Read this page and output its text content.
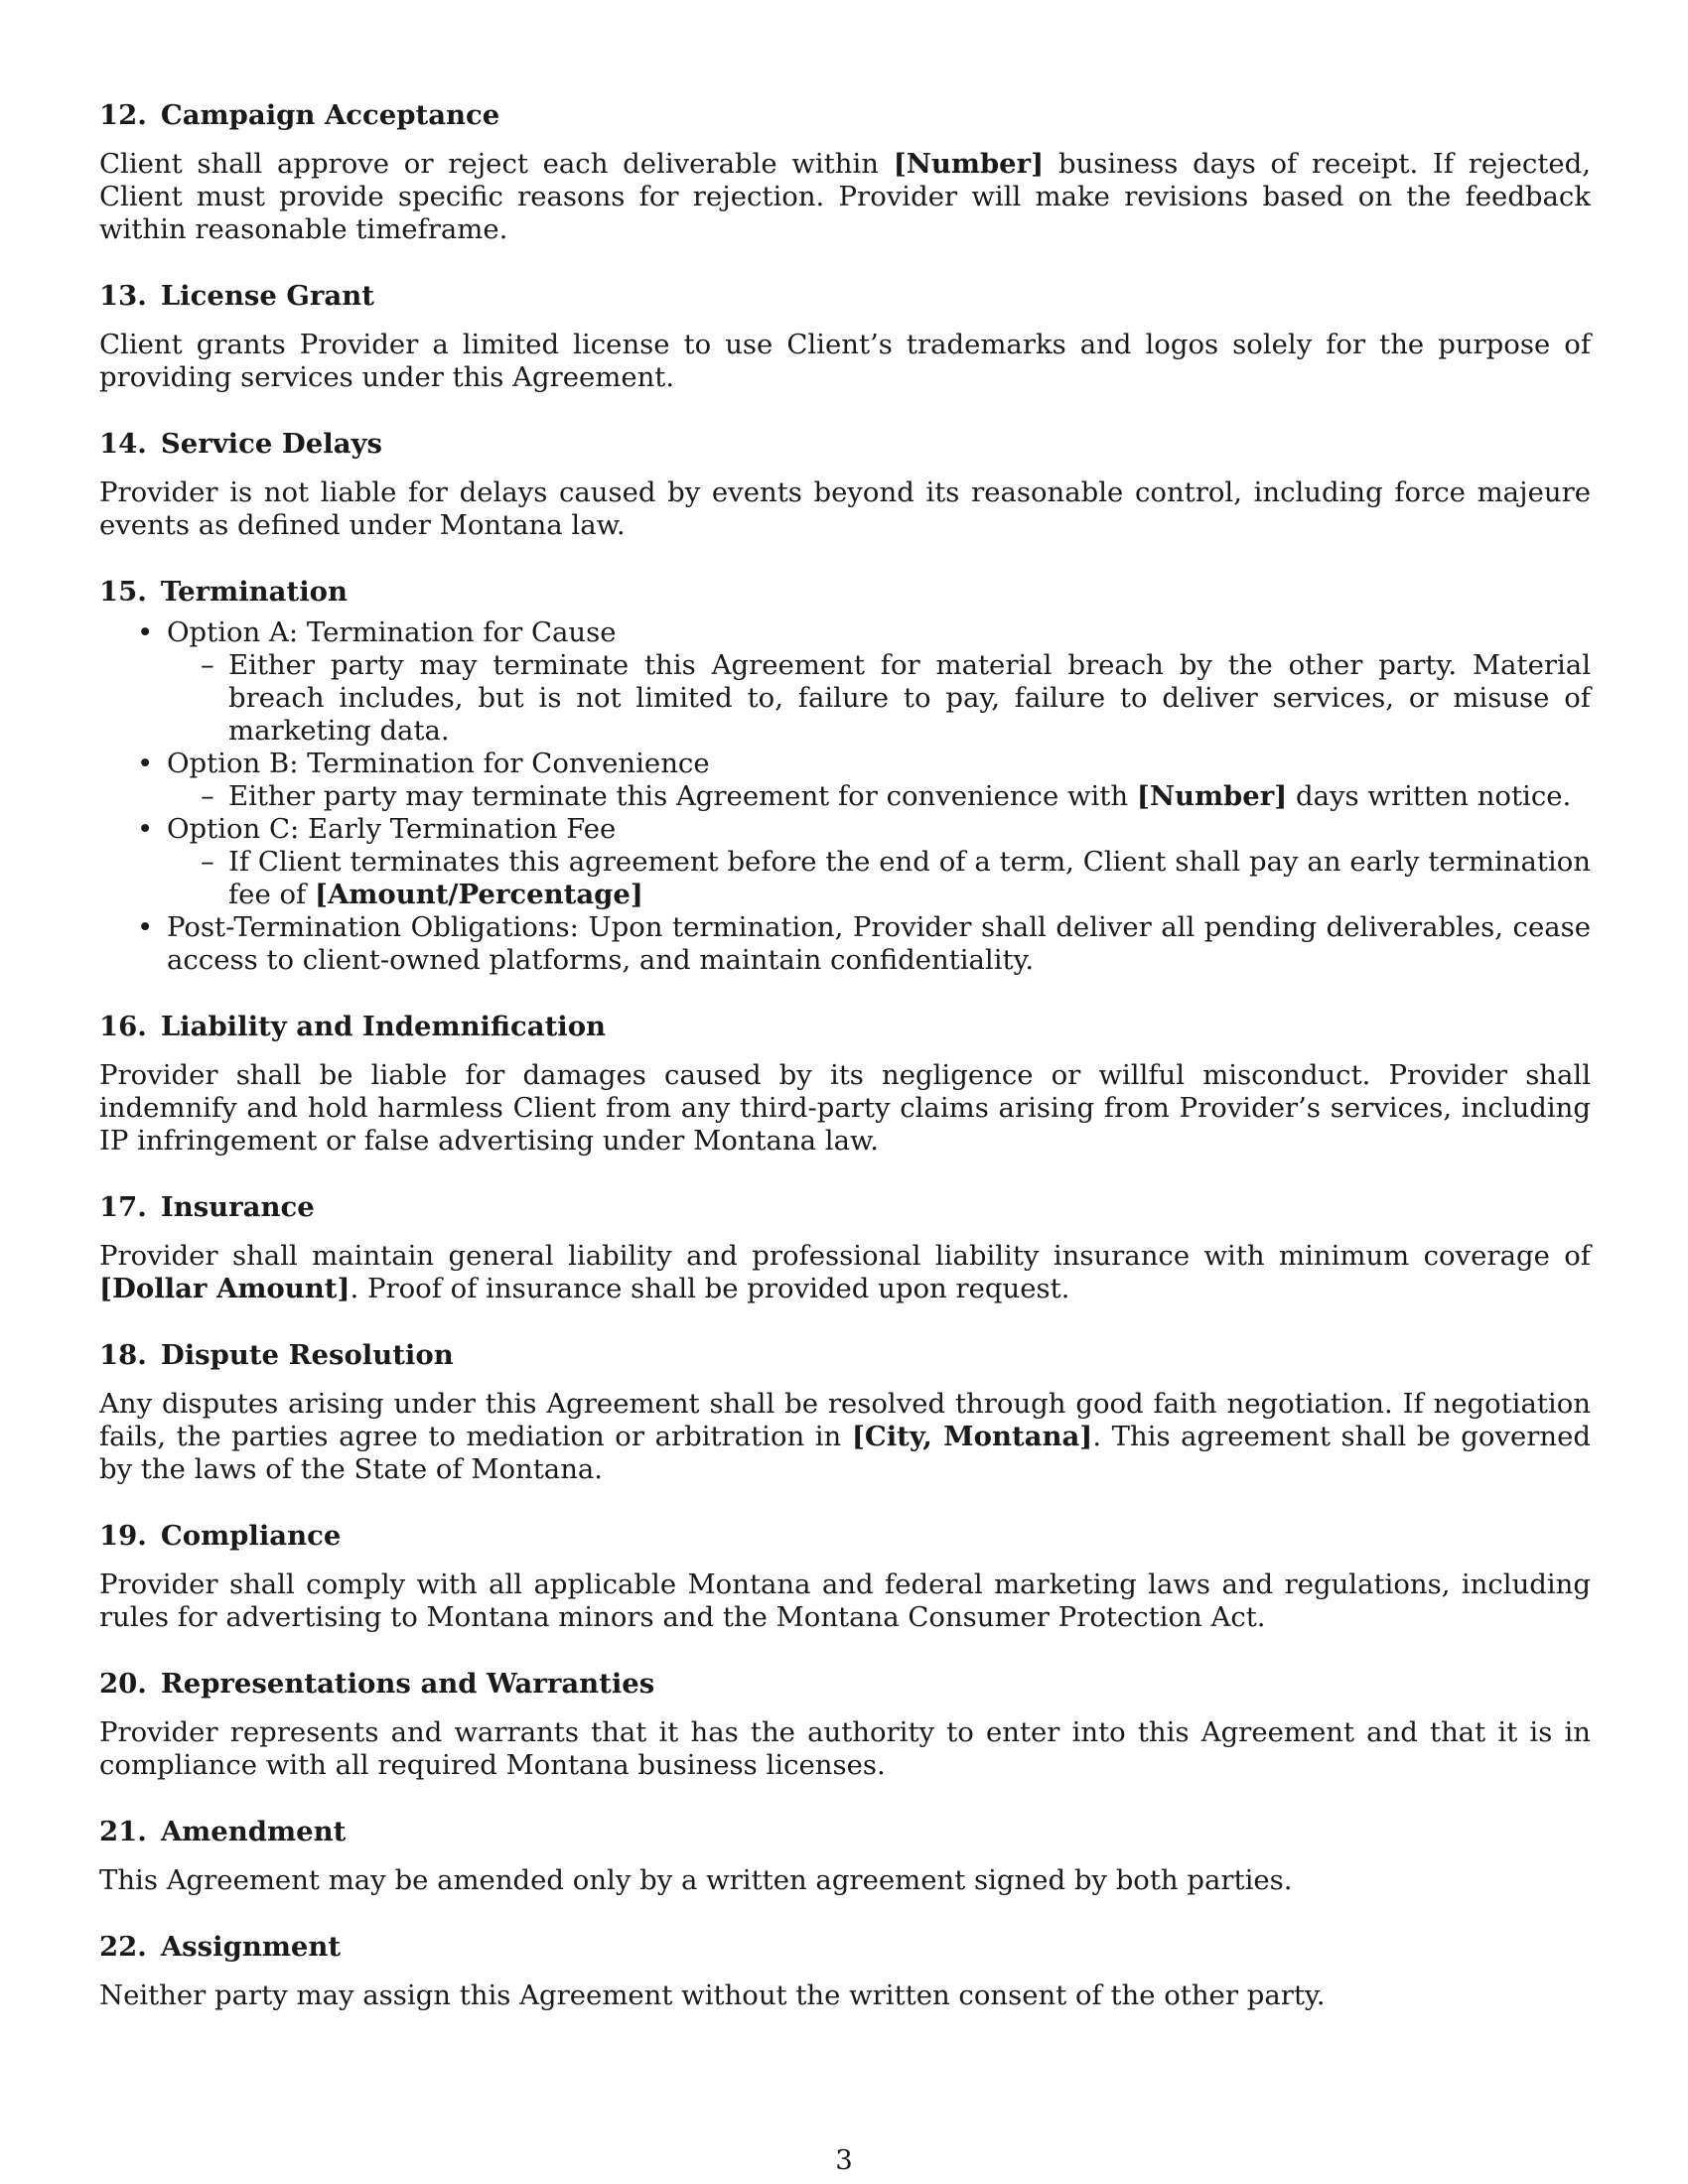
12. Campaign Acceptance

Client shall approve or reject each deliverable within [Number] business days of receipt. If rejected, Client must provide specific reasons for rejection. Provider will make revisions based on the feedback within reasonable timeframe.

13. License Grant

Client grants Provider a limited license to use Client’s trademarks and logos solely for the purpose of providing services under this Agreement.

14. Service Delays

Provider is not liable for delays caused by events beyond its reasonable control, including force majeure events as defined under Montana law.

15. Termination
• Option A: Termination for Cause
– Either party may terminate this Agreement for material breach by the other party. Material breach includes, but is not limited to, failure to pay, failure to deliver services, or misuse of marketing data.
• Option B: Termination for Convenience
– Either party may terminate this Agreement for convenience with [Number] days written notice.
• Option C: Early Termination Fee
– If Client terminates this agreement before the end of a term, Client shall pay an early termination fee of [Amount/Percentage]
• Post-Termination Obligations: Upon termination, Provider shall deliver all pending deliverables, cease access to client-owned platforms, and maintain confidentiality.
16. Liability and Indemnification

Provider shall be liable for damages caused by its negligence or willful misconduct. Provider shall indemnify and hold harmless Client from any third-party claims arising from Provider’s services, including IP infringement or false advertising under Montana law.

17. Insurance

Provider shall maintain general liability and professional liability insurance with minimum coverage of [Dollar Amount]. Proof of insurance shall be provided upon request.

18. Dispute Resolution

Any disputes arising under this Agreement shall be resolved through good faith negotiation. If negotiation fails, the parties agree to mediation or arbitration in [City, Montana]. This agreement shall be governed by the laws of the State of Montana.

19. Compliance

Provider shall comply with all applicable Montana and federal marketing laws and regulations, including rules for advertising to Montana minors and the Montana Consumer Protection Act.

20. Representations and Warranties

Provider represents and warrants that it has the authority to enter into this Agreement and that it is in compliance with all required Montana business licenses.

21. Amendment

This Agreement may be amended only by a written agreement signed by both parties.

22. Assignment

Neither party may assign this Agreement without the written consent of the other party.

3
